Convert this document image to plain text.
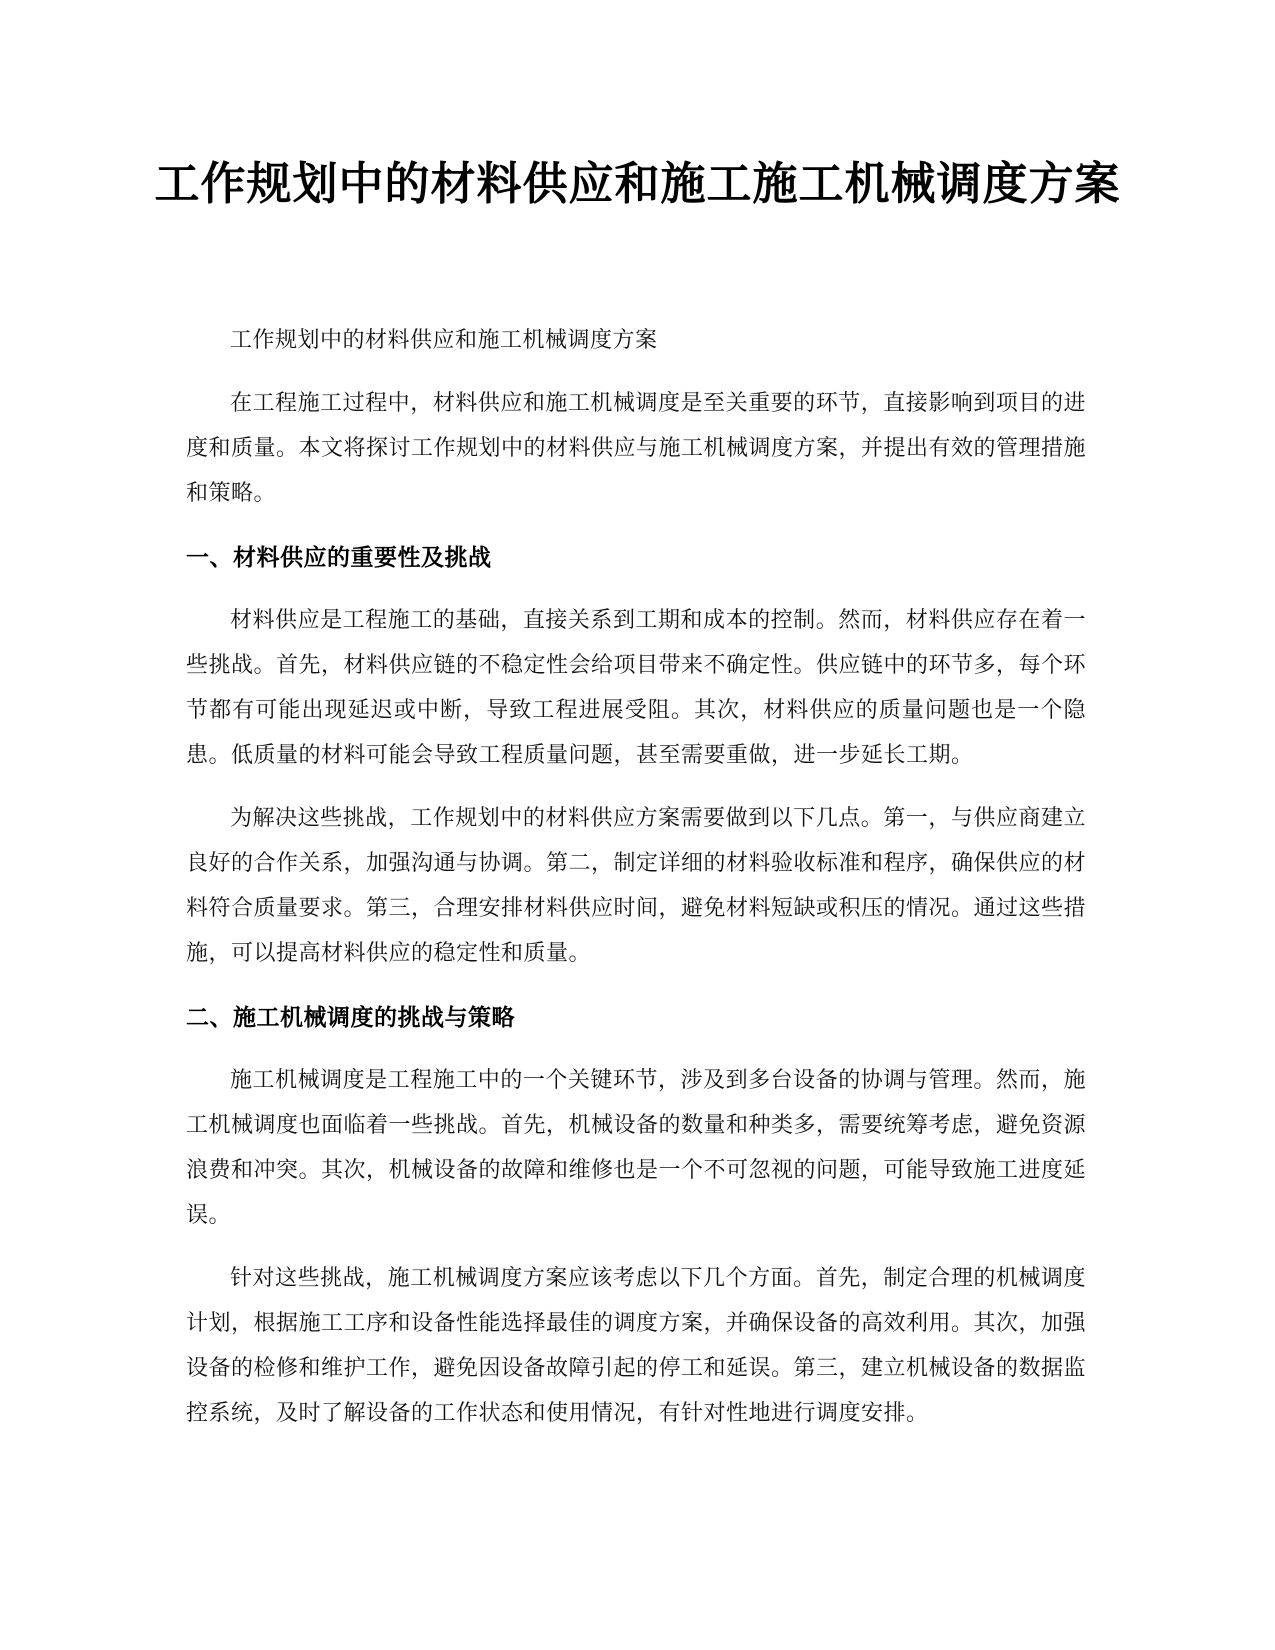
工作规划中的材料供应和施工施工机械调度方案

工作规划中的材料供应和施工机械调度方案

在工程施工过程中，材料供应和施工机械调度是至关重要的环节，直接影响到项目的进度和质量。本文将探讨工作规划中的材料供应与施工机械调度方案，并提出有效的管理措施和策略。

一、材料供应的重要性及挑战

材料供应是工程施工的基础，直接关系到工期和成本的控制。然而，材料供应存在着一些挑战。首先，材料供应链的不稳定性会给项目带来不确定性。供应链中的环节多，每个环节都有可能出现延迟或中断，导致工程进展受阻。其次，材料供应的质量问题也是一个隐患。低质量的材料可能会导致工程质量问题，甚至需要重做，进一步延长工期。

为解决这些挑战，工作规划中的材料供应方案需要做到以下几点。第一，与供应商建立良好的合作关系，加强沟通与协调。第二，制定详细的材料验收标准和程序，确保供应的材料符合质量要求。第三，合理安排材料供应时间，避免材料短缺或积压的情况。通过这些措施，可以提高材料供应的稳定性和质量。

二、施工机械调度的挑战与策略

施工机械调度是工程施工中的一个关键环节，涉及到多台设备的协调与管理。然而，施工机械调度也面临着一些挑战。首先，机械设备的数量和种类多，需要统筹考虑，避免资源浪费和冲突。其次，机械设备的故障和维修也是一个不可忽视的问题，可能导致施工进度延误。

针对这些挑战，施工机械调度方案应该考虑以下几个方面。首先，制定合理的机械调度计划，根据施工工序和设备性能选择最佳的调度方案，并确保设备的高效利用。其次，加强设备的检修和维护工作，避免因设备故障引起的停工和延误。第三，建立机械设备的数据监控系统，及时了解设备的工作状态和使用情况，有针对性地进行调度安排。
